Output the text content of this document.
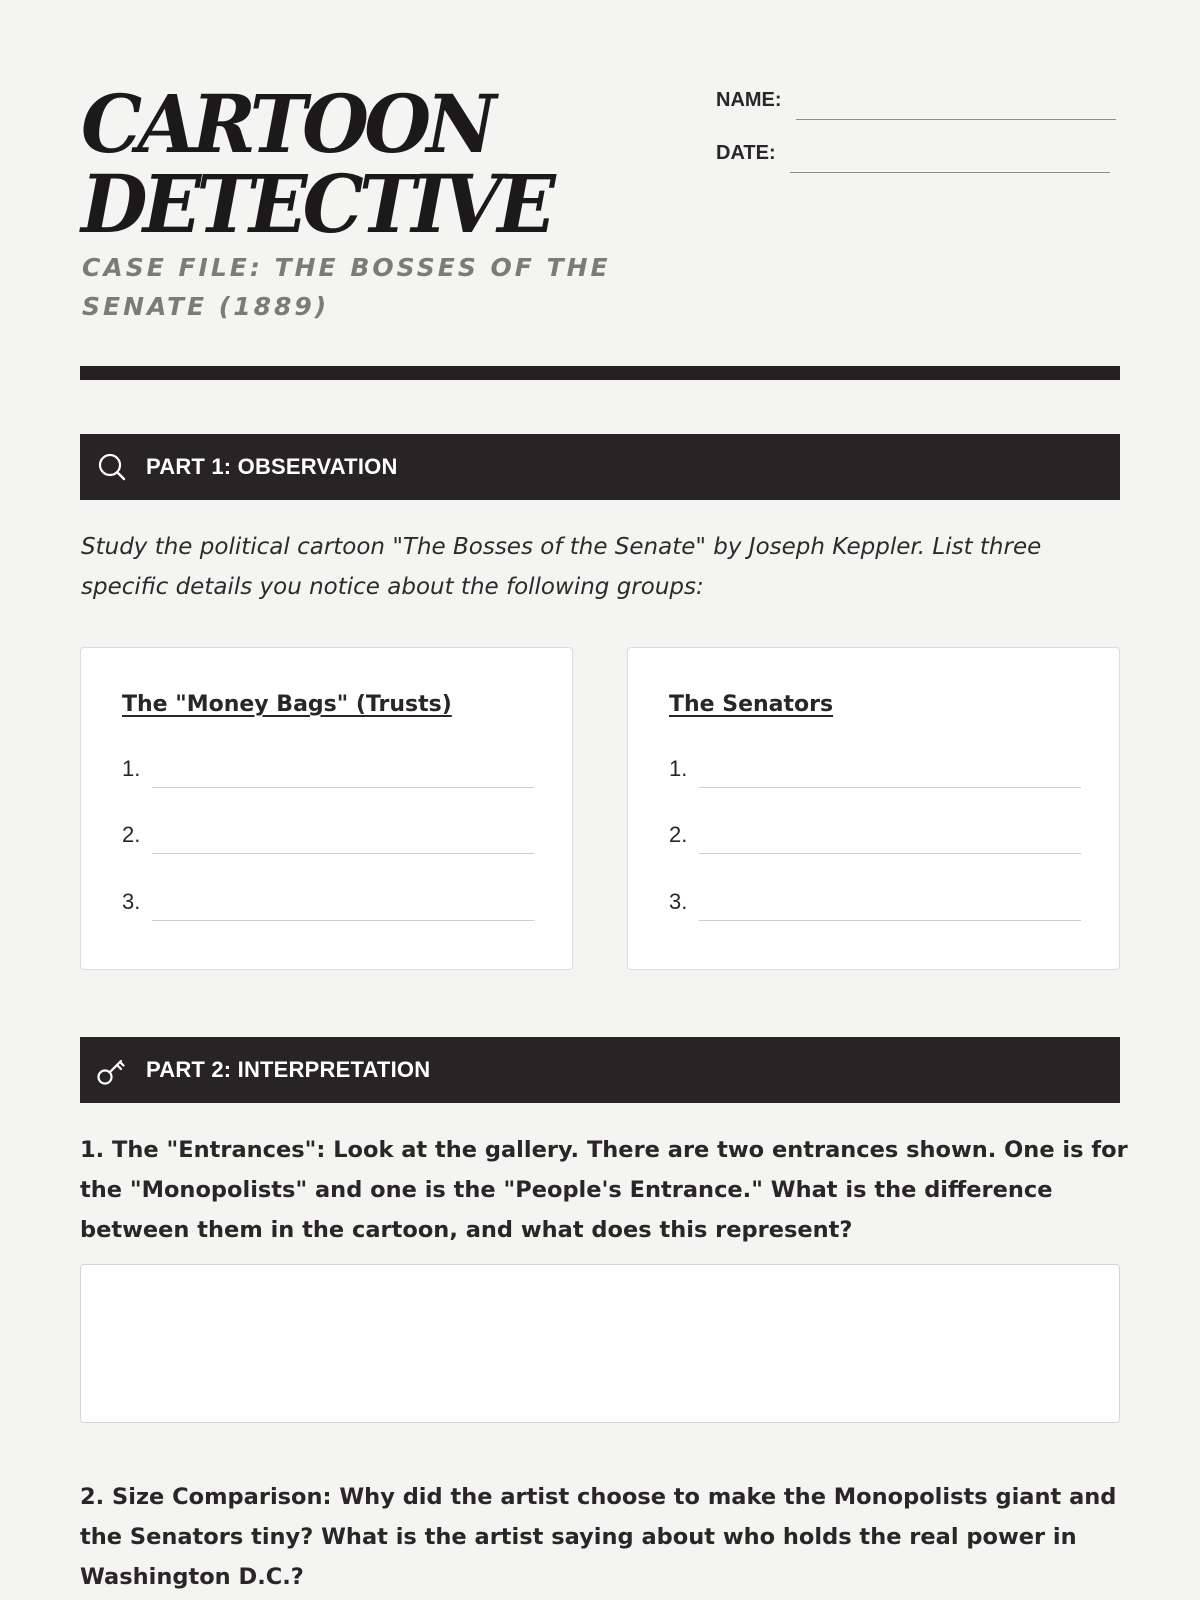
CARTOON
DETECTIVE
CASE FILE: THE BOSSES OF THE SENATE (1889)
NAME:
DATE:
PART 1: OBSERVATION

Study the political cartoon "The Bosses of the Senate" by Joseph Keppler. List three specific details you notice about the following groups:

The "Money Bags" (Trusts)
1.
2.
3.
The Senators
1.
2.
3.
PART 2: INTERPRETATION

1. The "Entrances": Look at the gallery. There are two entrances shown. One is for the "Monopolists" and one is the "People's Entrance." What is the difference between them in the cartoon, and what does this represent?

2. Size Comparison: Why did the artist choose to make the Monopolists giant and the Senators tiny? What is the artist saying about who holds the real power in Washington D.C.?
